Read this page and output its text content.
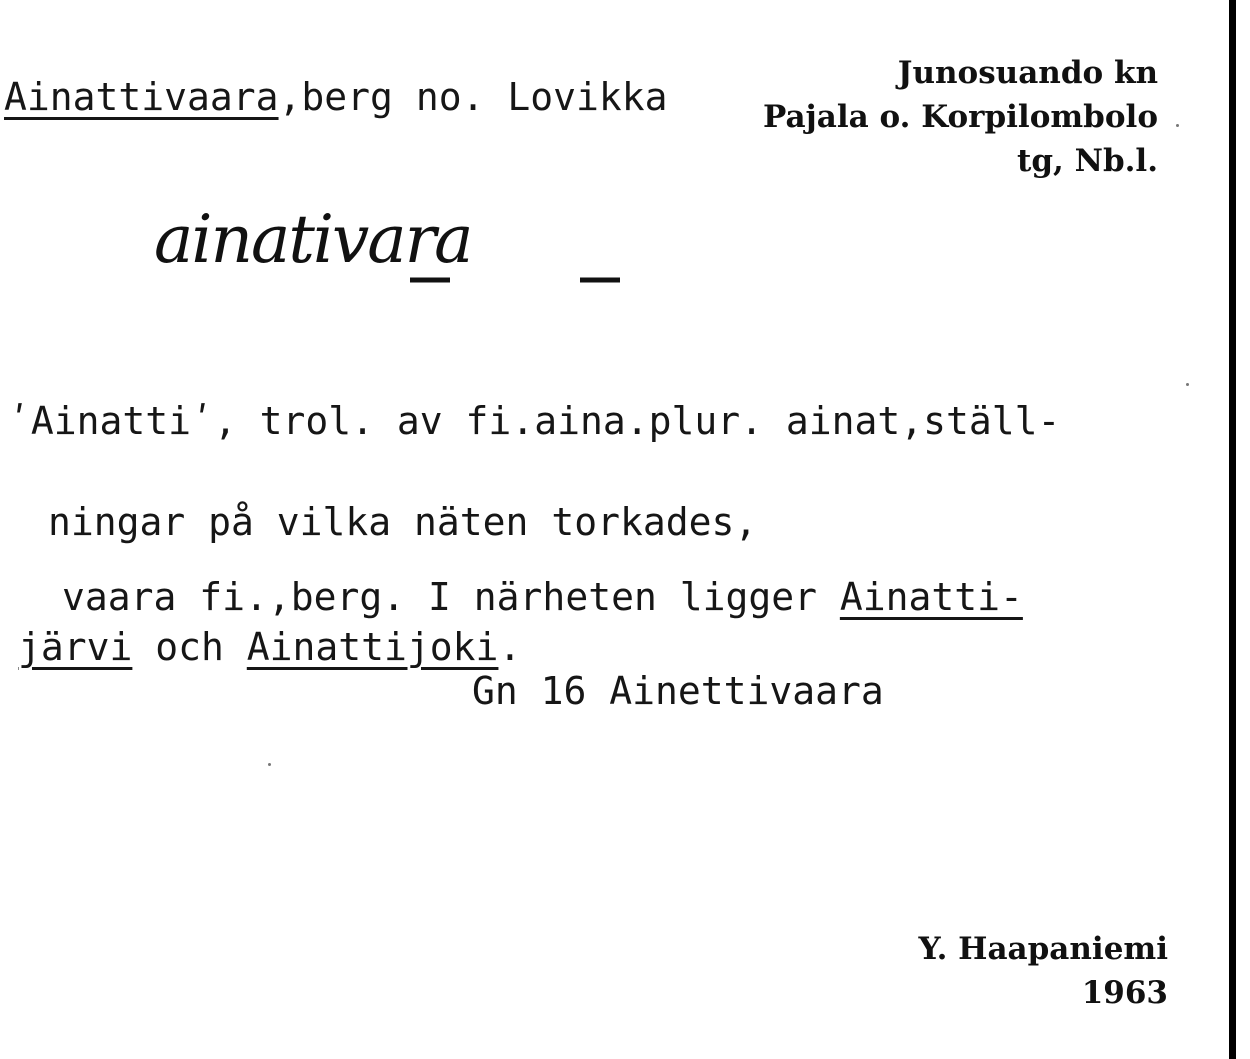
Ainattivaara,berg no. Lovikka
Junosuando kn
Pajala o. Korpilombolo
tg, Nb.l.
ainativara
ʹAinattiʹ, trol. av fi.aina.plur. ainat,ställ-
ningar på vilka näten torkades,
vaara fi.,berg. I närheten ligger Ainatti-
järvi och Ainattijoki.
Gn 16 Ainettivaara
Y. Haapaniemi
1963
